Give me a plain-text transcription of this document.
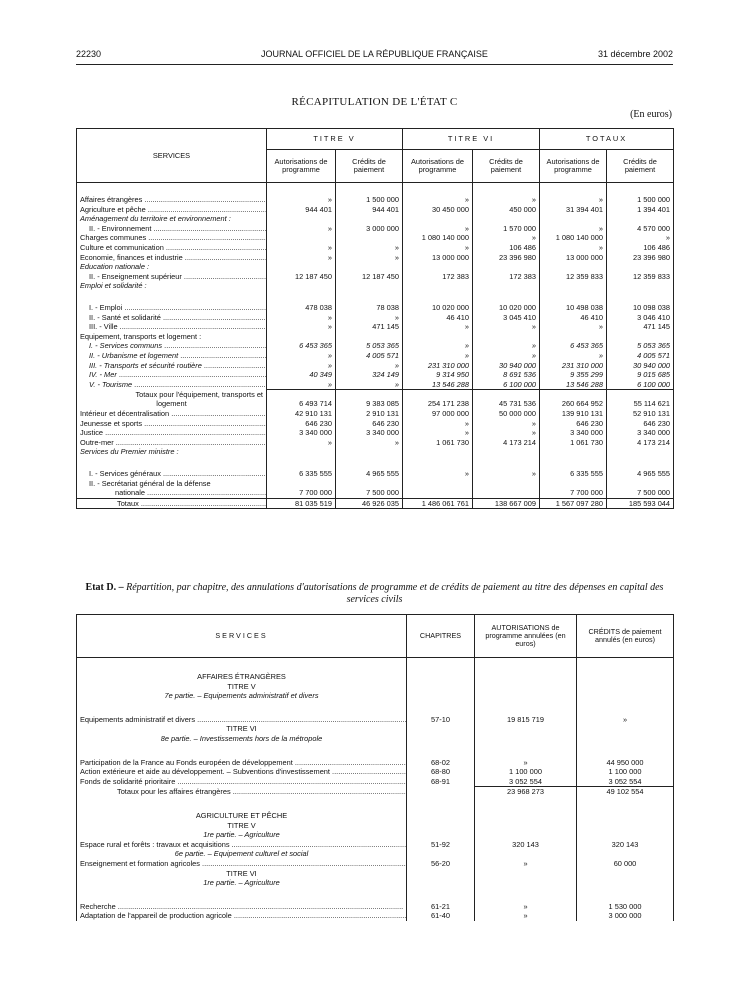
22230	JOURNAL OFFICIEL DE LA RÉPUBLIQUE FRANÇAISE	31 décembre 2002
RÉCAPITULATION DE L'ÉTAT C
(En euros)
SERVICES	TITRE V		TITRE VI		TOTAUX	
	Autorisations de programme	Crédits de paiement	Autorisations de programme	Crédits de paiement	Autorisations de programme	Crédits de paiement

Affaires étrangères .....	»	1 500 000	»	»	»	1 500 000
Agriculture et pêche .....	944 401	944 401	30 450 000	450 000	31 394 401	1 394 401
Aménagement du territoire et environnement :						
II. - Environnement .....	»	3 000 000	»	1 570 000	»	4 570 000
Charges communes .....			1 080 140 000	»	1 080 140 000	»
Culture et communication .....	»	»	»	106 486	»	106 486
Economie, finances et industrie .....	»	»	13 000 000	23 396 980	13 000 000	23 396 980
Education nationale :						
II. - Enseignement supérieur .....	12 187 450	12 187 450	172 383	172 383	12 359 833	12 359 833
Emploi et solidarité :						

I. - Emploi .....	478 038	78 038	10 020 000	10 020 000	10 498 038	10 098 038
II. - Santé et solidarité .....	»	»	46 410	3 045 410	46 410	3 046 410
III. - Ville .....	»	471 145	»	»	»	471 145
Equipement, transports et logement :						
I. - Services communs .....	6 453 365	5 053 365	»	»	6 453 365	5 053 365
II. - Urbanisme et logement .....	»	4 005 571	»	»	»	4 005 571
III. - Transports et sécurité routière .....	»	»	231 310 000	30 940 000	231 310 000	30 940 000
IV. - Mer .....	40 349	324 149	9 314 950	8 691 536	9 355 299	9 015 685
V. - Tourisme .....	»	»	13 546 288	6 100 000	13 546 288	6 100 000
Totaux pour l'équipement, transports et						
logement	6 493 714	9 383 085	254 171 238	45 731 536	260 664 952	55 114 621
Intérieur et décentralisation .....	42 910 131	2 910 131	97 000 000	50 000 000	139 910 131	52 910 131
Jeunesse et sports .....	646 230	646 230	»	»	646 230	646 230
Justice .....	3 340 000	3 340 000	»	»	3 340 000	3 340 000
Outre-mer .....	»	»	1 061 730	4 173 214	1 061 730	4 173 214
Services du Premier ministre :						

I. - Services généraux .....	6 335 555	4 965 555	»	»	6 335 555	4 965 555
II. - Secrétariat général de la défense						
nationale .....	7 700 000	7 500 000			7 700 000	7 500 000
Totaux .....	81 035 519	46 926 035	1 486 061 761	138 667 009	1 567 097 280	185 593 044
Etat D. – Répartition, par chapitre, des annulations d'autorisations de programme et de crédits de paiement au titre des dépenses en capital des services civils
SERVICES	CHAPITRES	AUTORISATIONS de programme annulées (en euros)	CRÉDITS de paiement annulés (en euros)

AFFAIRES ÉTRANGÈRES			
TITRE V			
7e partie. – Equipements administratif et divers			

Equipements administratif et divers .....	57-10	19 815 719	»
TITRE VI			
8e partie. – Investissements hors de la métropole			

Participation de la France au Fonds européen de développement .....	68-02	»	44 950 000
Action extérieure et aide au développement. – Subventions d'investissement .....	68-80	1 100 000	1 100 000
Fonds de solidarité prioritaire .....	68-91	3 052 554	3 052 554
Totaux pour les affaires étrangères .....		23 968 273	49 102 554

AGRICULTURE ET PÊCHE			
TITRE V			
1re partie. – Agriculture			
Espace rural et forêts : travaux et acquisitions .....	51-92	320 143	320 143
6e partie. – Equipement culturel et social			
Enseignement et formation agricoles .....	56-20	»	60 000
TITRE VI			
1re partie. – Agriculture			

Recherche .....	61-21	»	1 530 000
Adaptation de l'appareil de production agricole .....	61-40	»	3 000 000
